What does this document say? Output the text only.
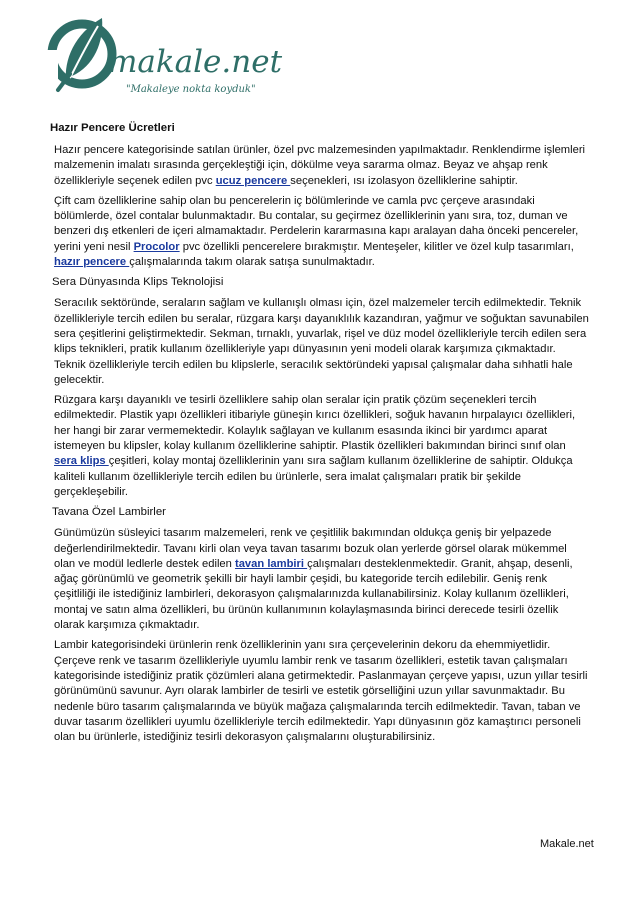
makale.net
"Makaleye nokta koyduk"
Hazır Pencere Ücretleri

Hazır pencere kategorisinde satılan ürünler, özel pvc malzemesinden yapılmaktadır. Renklendirme işlemleri malzemenin imalatı sırasında gerçekleştiği için, dökülme veya sararma olmaz. Beyaz ve ahşap renk özellikleriyle seçenek edilen pvc ucuz pencere seçenekleri, ısı izolasyon özelliklerine sahiptir.

Çift cam özelliklerine sahip olan bu pencerelerin iç bölümlerinde ve camla pvc çerçeve arasındaki bölümlerde, özel contalar bulunmaktadır. Bu contalar, su geçirmez özelliklerinin yanı sıra, toz, duman ve benzeri dış etkenleri de içeri almamaktadır. Perdelerin kararmasına kapı aralayan daha önceki pencereler, yerini yeni nesil Procolor pvc özellikli pencerelere bırakmıştır. Menteşeler, kilitler ve özel kulp tasarımları, hazır pencere çalışmalarında takım olarak satışa sunulmaktadır.

Sera Dünyasında Klips Teknolojisi

Seracılık sektöründe, seraların sağlam ve kullanışlı olması için, özel malzemeler tercih edilmektedir. Teknik özellikleriyle tercih edilen bu seralar, rüzgara karşı dayanıklılık kazandıran, yağmur ve soğuktan savunabilen sera çeşitlerini geliştirmektedir. Sekman, tırnaklı, yuvarlak, rişel ve düz model özellikleriyle tercih edilen sera klips teknikleri, pratik kullanım özellikleriyle yapı dünyasının yeni modeli olarak karşımıza çıkmaktadır. Teknik özellikleriyle tercih edilen bu klipslerle, seracılık sektöründeki yapısal çalışmalar daha sıhhatli hale gelecektir.

Rüzgara karşı dayanıklı ve tesirli özelliklere sahip olan seralar için pratik çözüm seçenekleri tercih edilmektedir. Plastik yapı özellikleri itibariyle güneşin kırıcı özellikleri, soğuk havanın hırpalayıcı özellikleri, her hangi bir zarar vermemektedir. Kolaylık sağlayan ve kullanım esasında ikinci bir yardımcı aparat istemeyen bu klipsler, kolay kullanım özelliklerine sahiptir. Plastik özellikleri bakımından birinci sınıf olan sera klips çeşitleri, kolay montaj özelliklerinin yanı sıra sağlam kullanım özelliklerine de sahiptir. Oldukça kaliteli kullanım özellikleriyle tercih edilen bu ürünlerle, sera imalat çalışmaları pratik bir şekilde gerçekleşebilir.

Tavana Özel Lambirler

Günümüzün süsleyici tasarım malzemeleri, renk ve çeşitlilik bakımından oldukça geniş bir yelpazede değerlendirilmektedir. Tavanı kirli olan veya tavan tasarımı bozuk olan yerlerde görsel olarak mükemmel olan ve modül ledlerle destek edilen tavan lambiri çalışmaları desteklenmektedir. Granit, ahşap, desenli, ağaç görünümlü ve geometrik şekilli bir hayli lambir çeşidi, bu kategoride tercih edilebilir. Geniş renk çeşitliliği ile istediğiniz lambirleri, dekorasyon çalışmalarınızda kullanabilirsiniz. Kolay kullanım özellikleri, montaj ve satın alma özellikleri, bu ürünün kullanımının kolaylaşmasında birinci derecede tesirli özellik olarak karşımıza çıkmaktadır.

Lambir kategorisindeki ürünlerin renk özelliklerinin yanı sıra çerçevelerinin dekoru da ehemmiyetlidir. Çerçeve renk ve tasarım özellikleriyle uyumlu lambir renk ve tasarım özellikleri, estetik tavan çalışmaları kategorisinde istediğiniz pratik çözümleri alana getirmektedir. Paslanmayan çerçeve yapısı, uzun yıllar tesirli görünümünü savunur. Ayrı olarak lambirler de tesirli ve estetik görselliğini uzun yıllar savunmaktadır. Bu nedenle büro tasarım çalışmalarında ve büyük mağaza çalışmalarında tercih edilmektedir. Tavan, taban ve duvar tasarım özellikleri uyumlu özellikleriyle tercih edilmektedir. Yapı dünyasının göz kamaştırıcı personeli olan bu ürünlerle, istediğiniz tesirli dekorasyon çalışmalarını oluşturabilirsiniz.

Makale.net
